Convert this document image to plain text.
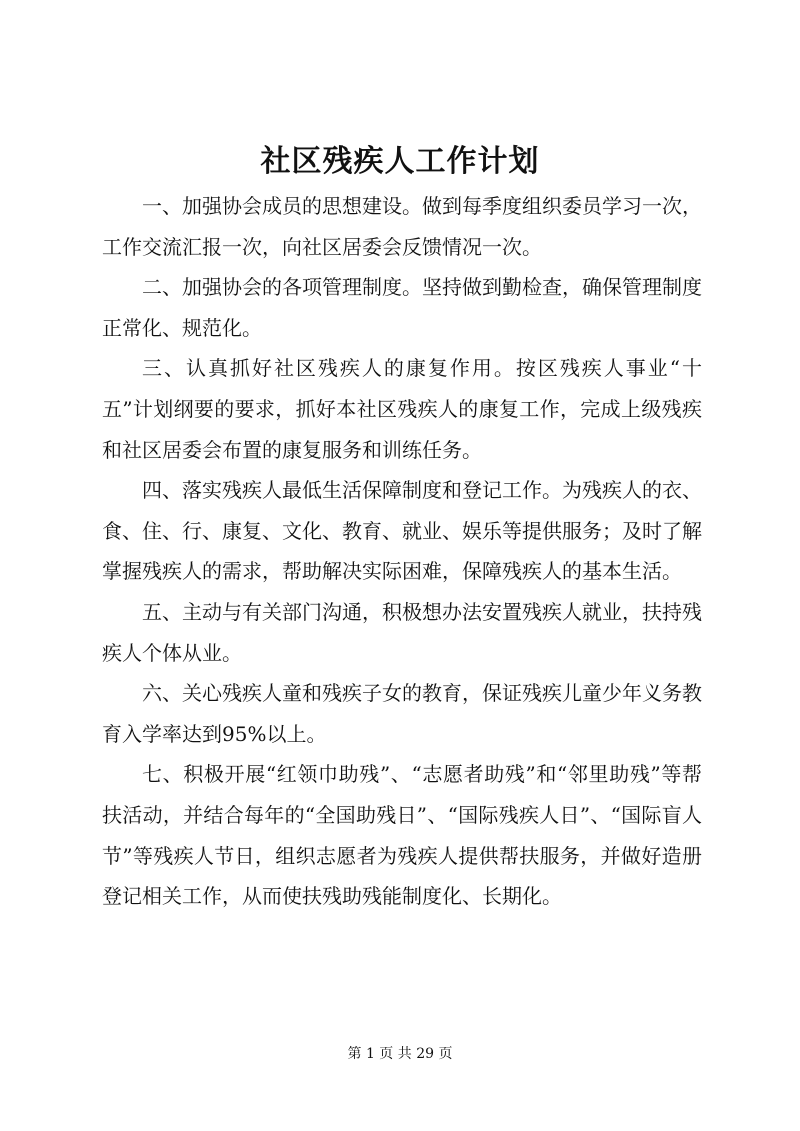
社区残疾人工作计划

一、加强协会成员的思想建设。做到每季度组织委员学习一次，工作交流汇报一次，向社区居委会反馈情况一次。

二、加强协会的各项管理制度。坚持做到勤检查，确保管理制度正常化、规范化。

三、认真抓好社区残疾人的康复作用。按区残疾人事业“十五”计划纲要的要求，抓好本社区残疾人的康复工作，完成上级残疾和社区居委会布置的康复服务和训练任务。

四、落实残疾人最低生活保障制度和登记工作。为残疾人的衣、食、住、行、康复、文化、教育、就业、娱乐等提供服务；及时了解掌握残疾人的需求，帮助解决实际困难，保障残疾人的基本生活。

五、主动与有关部门沟通，积极想办法安置残疾人就业，扶持残疾人个体从业。

六、关心残疾人童和残疾子女的教育，保证残疾儿童少年义务教育入学率达到95%以上。

七、积极开展“红领巾助残”、“志愿者助残”和“邻里助残”等帮扶活动，并结合每年的“全国助残日”、“国际残疾人日”、“国际盲人节”等残疾人节日，组织志愿者为残疾人提供帮扶服务，并做好造册登记相关工作，从而使扶残助残能制度化、长期化。

第 1 页 共 29 页
